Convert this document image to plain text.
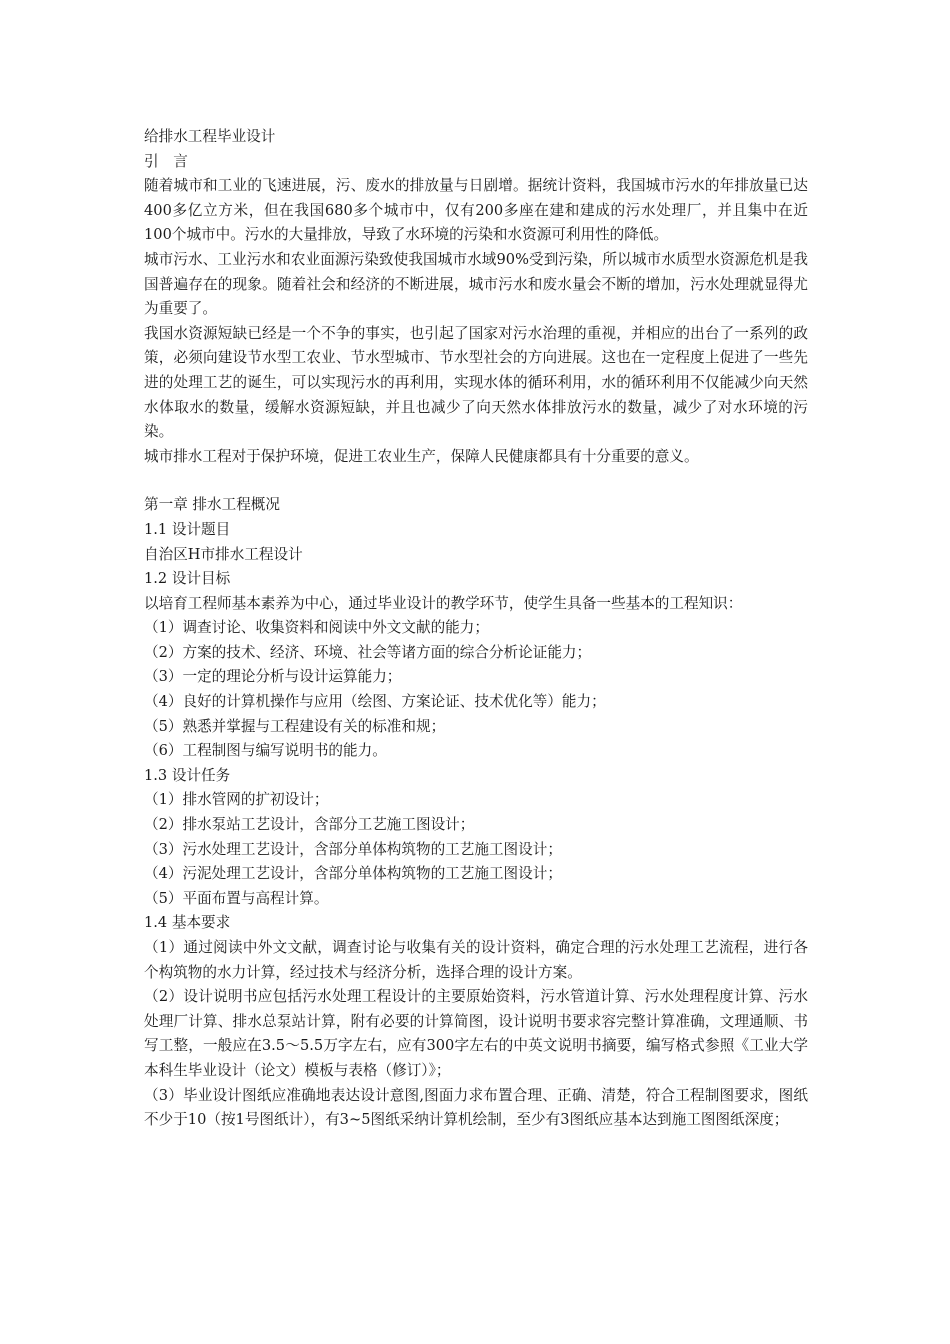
给排水工程毕业设计

引　言

随着城市和工业的飞速进展，污、废水的排放量与日剧增。据统计资料，我国城市污水的年排放量已达400多亿立方米，但在我国680多个城市中，仅有200多座在建和建成的污水处理厂，并且集中在近100个城市中。污水的大量排放，导致了水环境的污染和水资源可利用性的降低。

城市污水、工业污水和农业面源污染致使我国城市水域90%受到污染，所以城市水质型水资源危机是我国普遍存在的现象。随着社会和经济的不断进展，城市污水和废水量会不断的增加，污水处理就显得尤为重要了。

我国水资源短缺已经是一个不争的事实，也引起了国家对污水治理的重视，并相应的出台了一系列的政策，必须向建设节水型工农业、节水型城市、节水型社会的方向进展。这也在一定程度上促进了一些先进的处理工艺的诞生，可以实现污水的再利用，实现水体的循环利用，水的循环利用不仅能减少向天然水体取水的数量，缓解水资源短缺，并且也减少了向天然水体排放污水的数量，减少了对水环境的污染。

城市排水工程对于保护环境，促进工农业生产，保障人民健康都具有十分重要的意义。

第一章 排水工程概况

1.1 设计题目

自治区H市排水工程设计

1.2 设计目标

以培育工程师基本素养为中心，通过毕业设计的教学环节，使学生具备一些基本的工程知识：

（1）调查讨论、收集资料和阅读中外文文献的能力；

（2）方案的技术、经济、环境、社会等诸方面的综合分析论证能力；

（3）一定的理论分析与设计运算能力；

（4）良好的计算机操作与应用（绘图、方案论证、技术优化等）能力；

（5）熟悉并掌握与工程建设有关的标准和规；

（6）工程制图与编写说明书的能力。

1.3 设计任务

（1）排水管网的扩初设计；

（2）排水泵站工艺设计，含部分工艺施工图设计；

（3）污水处理工艺设计，含部分单体构筑物的工艺施工图设计；

（4）污泥处理工艺设计，含部分单体构筑物的工艺施工图设计；

（5）平面布置与高程计算。

1.4 基本要求

（1）通过阅读中外文文献，调查讨论与收集有关的设计资料，确定合理的污水处理工艺流程，进行各个构筑物的水力计算，经过技术与经济分析，选择合理的设计方案。

（2）设计说明书应包括污水处理工程设计的主要原始资料，污水管道计算、污水处理程度计算、污水处理厂计算、排水总泵站计算，附有必要的计算简图，设计说明书要求容完整计算准确，文理通顺、书写工整，一般应在3.5～5.5万字左右，应有300字左右的中英文说明书摘要，编写格式参照《工业大学本科生毕业设计（论文）模板与表格（修订）》；

（3）毕业设计图纸应准确地表达设计意图,图面力求布置合理、正确、清楚，符合工程制图要求，图纸不少于10（按1号图纸计），有3~5图纸采纳计算机绘制，至少有3图纸应基本达到施工图图纸深度；
